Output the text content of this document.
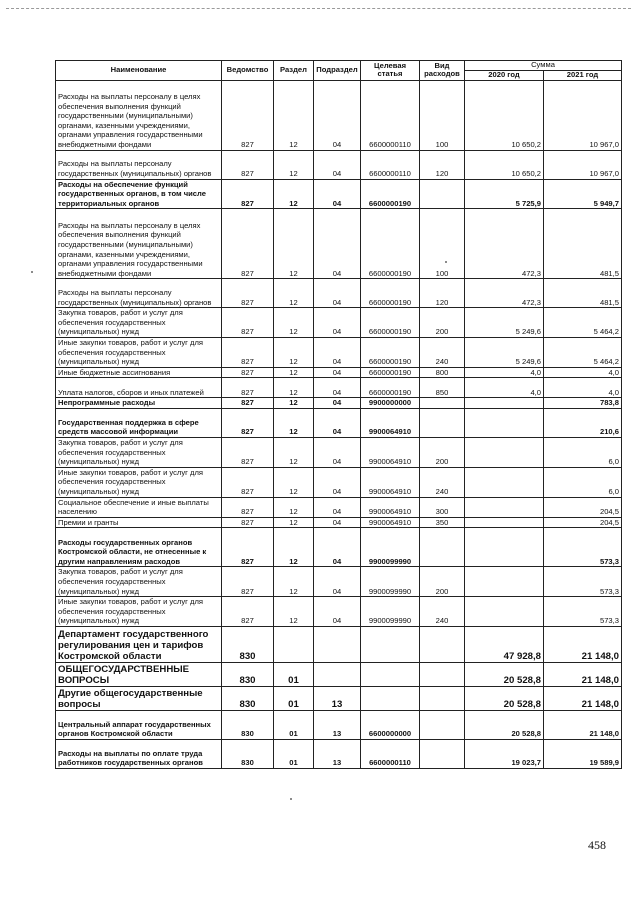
Наименование	Ведомство	Раздел	Подраздел	Целевая статья	Вид расходов	Сумма	
						2020 год	2021 год
Расходы на выплаты персоналу в целях обеспечения выполнения функций государственными (муниципальными) органами, казенными учреждениями, органами управления государственными внебюджетными фондами	827	12	04	6600000110	100	10 650,2	10 967,0
Расходы на выплаты персоналу государственных (муниципальных) органов	827	12	04	6600000110	120	10 650,2	10 967,0
Расходы на обеспечение функций государственных органов, в том числе территориальных органов	827	12	04	6600000190		5 725,9	5 949,7
Расходы на выплаты персоналу в целях обеспечения выполнения функций государственными (муниципальными) органами, казенными учреждениями, органами управления государственными внебюджетными фондами	827	12	04	6600000190	100	472,3	481,5
Расходы на выплаты персоналу государственных (муниципальных) органов	827	12	04	6600000190	120	472,3	481,5
Закупка товаров, работ и услуг для обеспечения государственных (муниципальных) нужд	827	12	04	6600000190	200	5 249,6	5 464,2
Иные закупки товаров, работ и услуг для обеспечения государственных (муниципальных) нужд	827	12	04	6600000190	240	5 249,6	5 464,2
Иные бюджетные ассигнования	827	12	04	6600000190	800	4,0	4,0
Уплата налогов, сборов и иных платежей	827	12	04	6600000190	850	4,0	4,0
Непрограммные расходы	827	12	04	9900000000			783,8
Государственная поддержка в сфере средств массовой информации	827	12	04	9900064910			210,6
Закупка товаров, работ и услуг для обеспечения государственных (муниципальных) нужд	827	12	04	9900064910	200		6,0
Иные закупки товаров, работ и услуг для обеспечения государственных (муниципальных) нужд	827	12	04	9900064910	240		6,0
Социальное обеспечение и иные выплаты населению	827	12	04	9900064910	300		204,5
Премии и гранты	827	12	04	9900064910	350		204,5
Расходы государственных органов Костромской области, не отнесенные к другим направлениям расходов	827	12	04	9900099990			573,3
Закупка товаров, работ и услуг для обеспечения государственных (муниципальных) нужд	827	12	04	9900099990	200		573,3
Иные закупки товаров, работ и услуг для обеспечения государственных (муниципальных) нужд	827	12	04	9900099990	240		573,3
Департамент государственного регулирования цен и тарифов Костромской области	830					47 928,8	21 148,0
ОБЩЕГОСУДАРСТВЕННЫЕ ВОПРОСЫ	830	01				20 528,8	21 148,0
Другие общегосударственные вопросы	830	01	13			20 528,8	21 148,0
Центральный аппарат государственных органов Костромской области	830	01	13	6600000000		20 528,8	21 148,0
Расходы на выплаты по оплате труда работников государственных органов	830	01	13	6600000110		19 023,7	19 589,9
458
